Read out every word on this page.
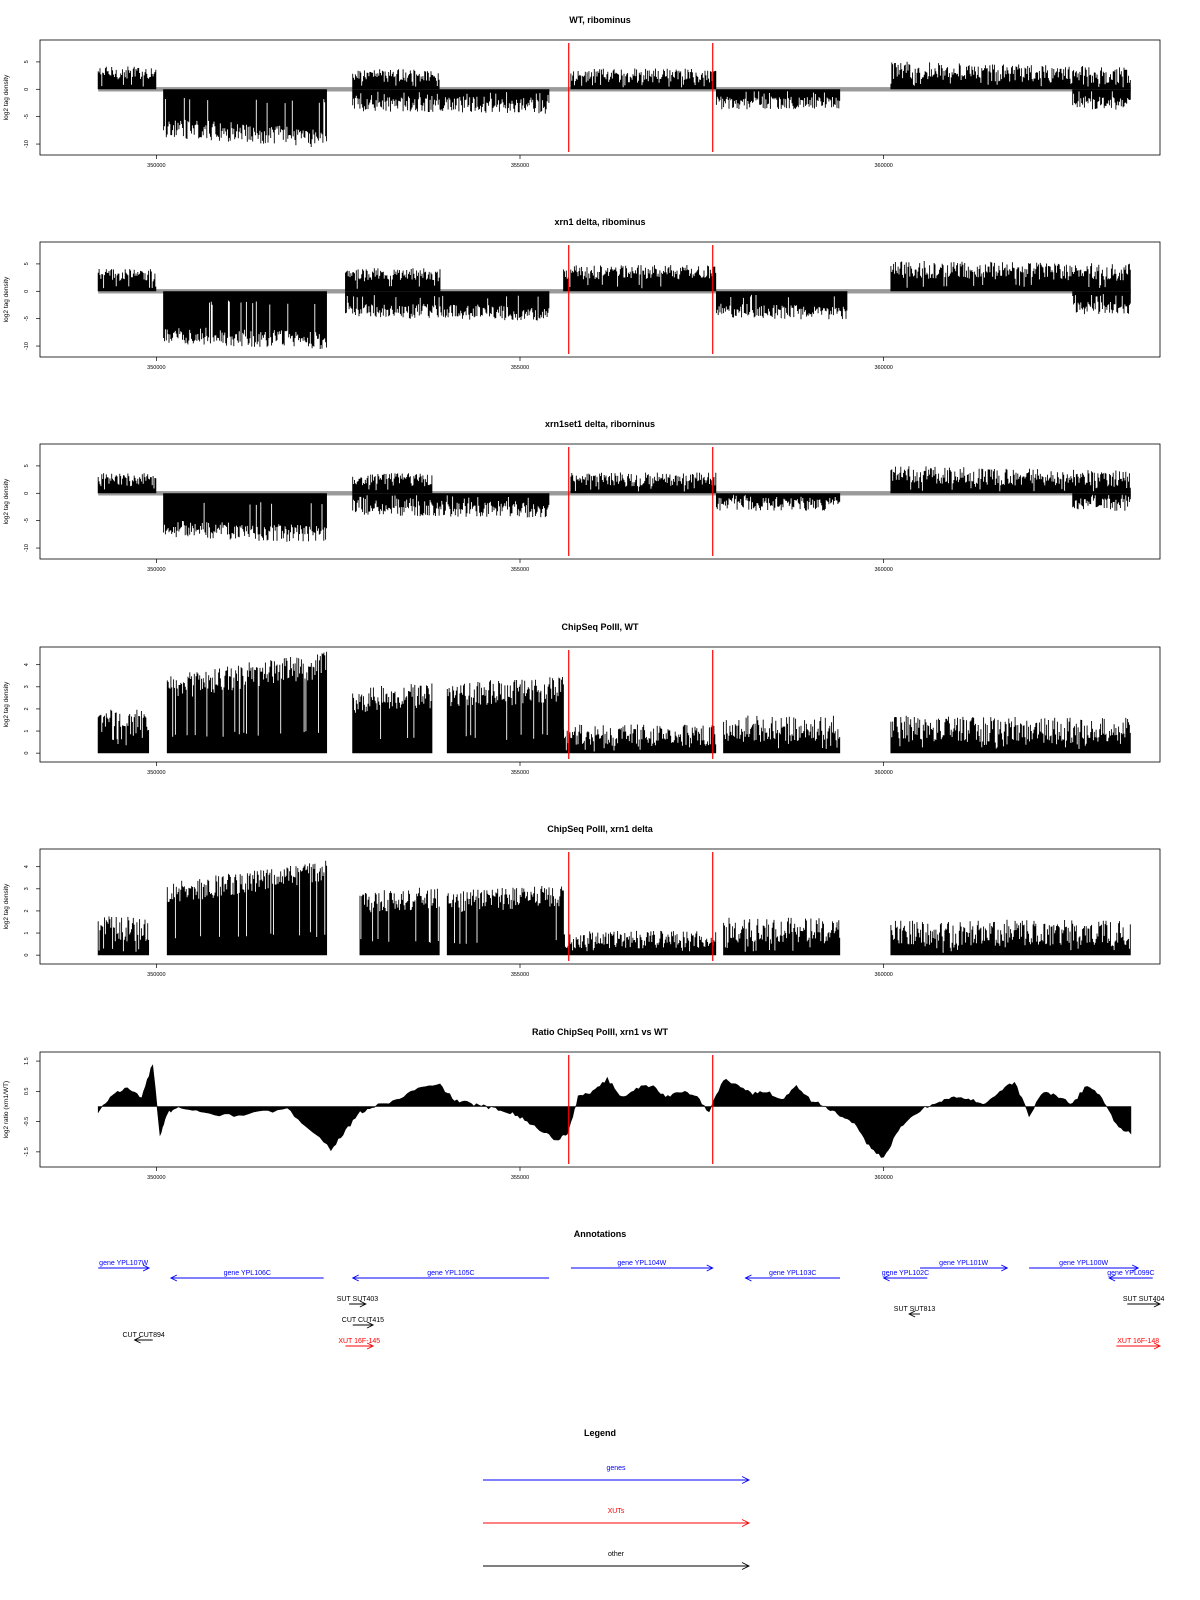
WT, ribominus
log2 tag density
5
0
-5
-10
350000	355000	360000
xrn1 delta, ribominus
log2 tag density
5
0
-5
-10
350000	355000	360000
xrn1set1 delta, riborninus
log2 tag density
5
0
-5
-10
350000	355000	360000
ChipSeq PolII, WT
log2 tag density
0
1
2
3
4
350000	355000	360000
ChipSeq PolII, xrn1 delta
log2 tag density
0
1
2
3
4
350000	355000	360000
Ratio ChipSeq PolII, xrn1 vs WT
log2 ratio (xrn1/WT)
1.5
0.5
-0.5
-1.5
350000	355000	360000
Annotations
gene YPL107W
gene YPL106C	gene YPL105C
gene YPL104W
gene YPL103C	gene YPL102C
gene YPL101W	gene YPL100W
gene YPL099C
SUT SUT403
SUT SUT813
SUT SUT404
CUT CUT415
CUT CUT894
XUT 16F-145	XUT 16F-148
Legend
genes
XUTs
other
